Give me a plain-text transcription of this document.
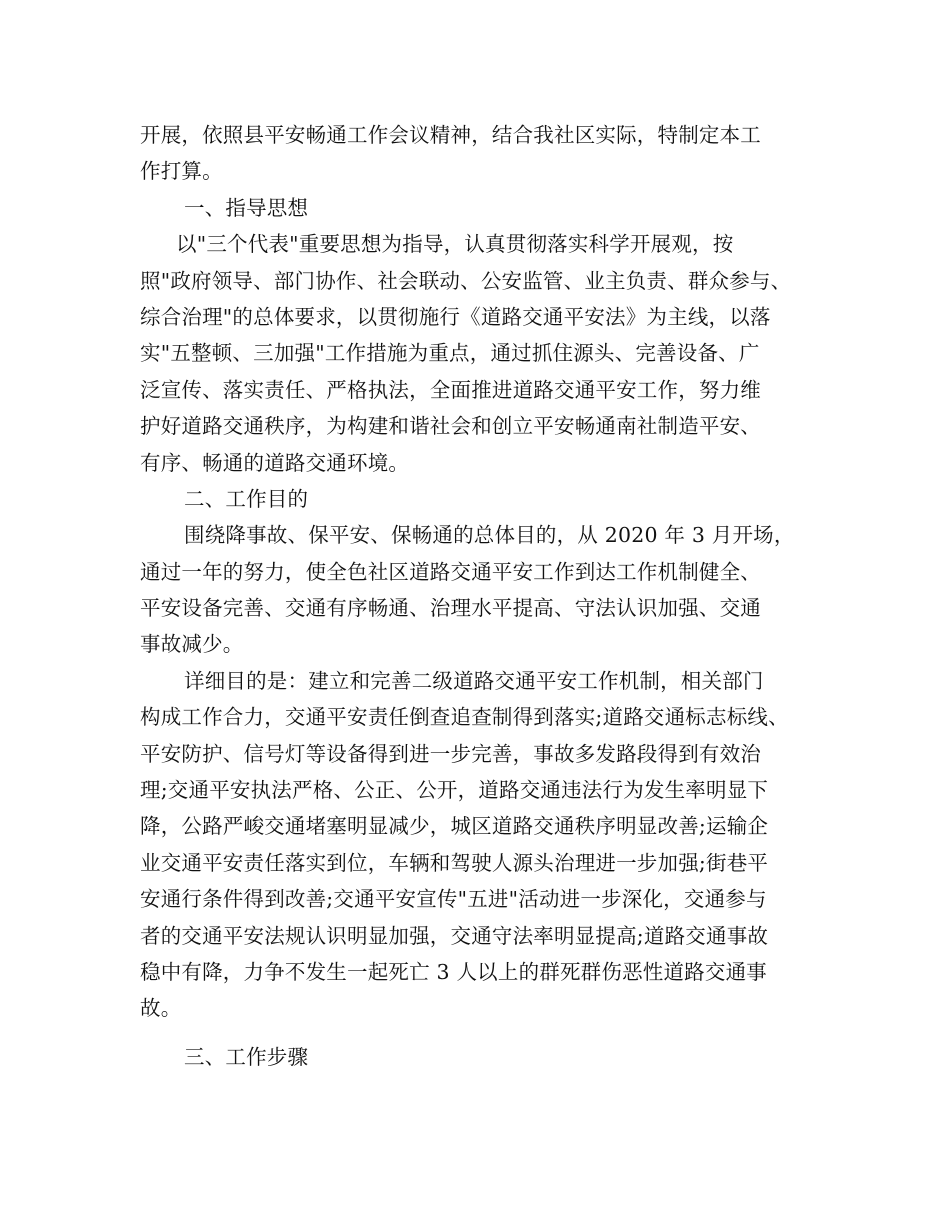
开展，依照县平安畅通工作会议精神，结合我社区实际，特制定本工
作打算。
一、指导思想
以"三个代表"重要思想为指导，认真贯彻落实科学开展观，按
照"政府领导、部门协作、社会联动、公安监管、业主负责、群众参与、
综合治理"的总体要求，以贯彻施行《道路交通平安法》为主线，以落
实"五整顿、三加强"工作措施为重点，通过抓住源头、完善设备、广
泛宣传、落实责任、严格执法，全面推进道路交通平安工作，努力维
护好道路交通秩序，为构建和谐社会和创立平安畅通南社制造平安、
有序、畅通的道路交通环境。
二、工作目的
围绕降事故、保平安、保畅通的总体目的，从 2020 年 3 月开场，
通过一年的努力，使全色社区道路交通平安工作到达工作机制健全、
平安设备完善、交通有序畅通、治理水平提高、守法认识加强、交通
事故减少。
详细目的是：建立和完善二级道路交通平安工作机制，相关部门
构成工作合力，交通平安责任倒查追查制得到落实;道路交通标志标线、
平安防护、信号灯等设备得到进一步完善，事故多发路段得到有效治
理;交通平安执法严格、公正、公开，道路交通违法行为发生率明显下
降，公路严峻交通堵塞明显减少，城区道路交通秩序明显改善;运输企
业交通平安责任落实到位，车辆和驾驶人源头治理进一步加强;街巷平
安通行条件得到改善;交通平安宣传"五进"活动进一步深化，交通参与
者的交通平安法规认识明显加强，交通守法率明显提高;道路交通事故
稳中有降，力争不发生一起死亡 3 人以上的群死群伤恶性道路交通事
故。
三、工作步骤
